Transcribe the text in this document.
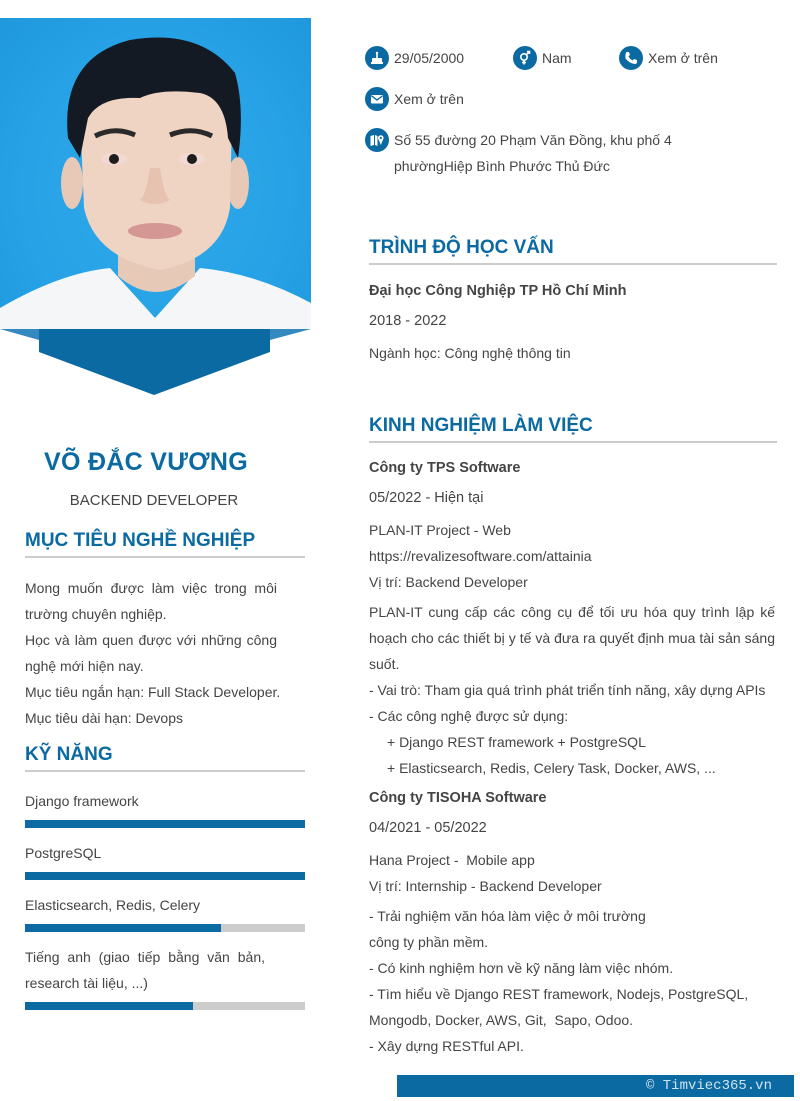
VÕ ĐẮC VƯƠNG
BACKEND DEVELOPER
MỤC TIÊU NGHỀ NGHIỆP

Mong muốn được làm việc trong môi

trường chuyên nghiệp.

Học và làm quen được với những công

nghệ mới hiện nay.

Mục tiêu ngắn hạn: Full Stack Developer.

Mục tiêu dài hạn: Devops

KỸ NĂNG
Django framework
PostgreSQL
Elasticsearch, Redis, Celery
Tiếng anh (giao tiếp bằng văn bản,
research tài liệu, ...)
29/05/2000	Nam	Xem ở trên
Xem ở trên
Số 55 đường 20 Phạm Văn Đồng, khu phố 4
phườngHiệp Bình Phước Thủ Đức
TRÌNH ĐỘ HỌC VẤN
Đại học Công Nghiệp TP Hồ Chí Minh
2018 - 2022
Ngành học: Công nghệ thông tin
KINH NGHIỆM LÀM VIỆC
Công ty TPS Software
05/2022 - Hiện tại
PLAN-IT Project - Web
https://revalizesoftware.com/attainia
Vị trí: Backend Developer
PLAN-IT cung cấp các công cụ để tối ưu hóa quy trình lập kế hoạch cho các thiết bị y tế và đưa ra quyết định mua tài sản sáng suốt.
- Vai trò: Tham gia quá trình phát triển tính năng, xây dựng APIs
- Các công nghệ được sử dụng:
+ Django REST framework + PostgreSQL
+ Elasticsearch, Redis, Celery Task, Docker, AWS, ...
Công ty TISOHA Software
04/2021 - 05/2022
Hana Project -  Mobile app
Vị trí: Internship - Backend Developer
- Trải nghiệm văn hóa làm việc ở môi trường
công ty phần mềm.
- Có kinh nghiệm hơn về kỹ năng làm việc nhóm.
- Tìm hiểu về Django REST framework, Nodejs, PostgreSQL,
Mongodb, Docker, AWS, Git,  Sapo, Odoo.
- Xây dựng RESTful API.
© Timviec365.vn
